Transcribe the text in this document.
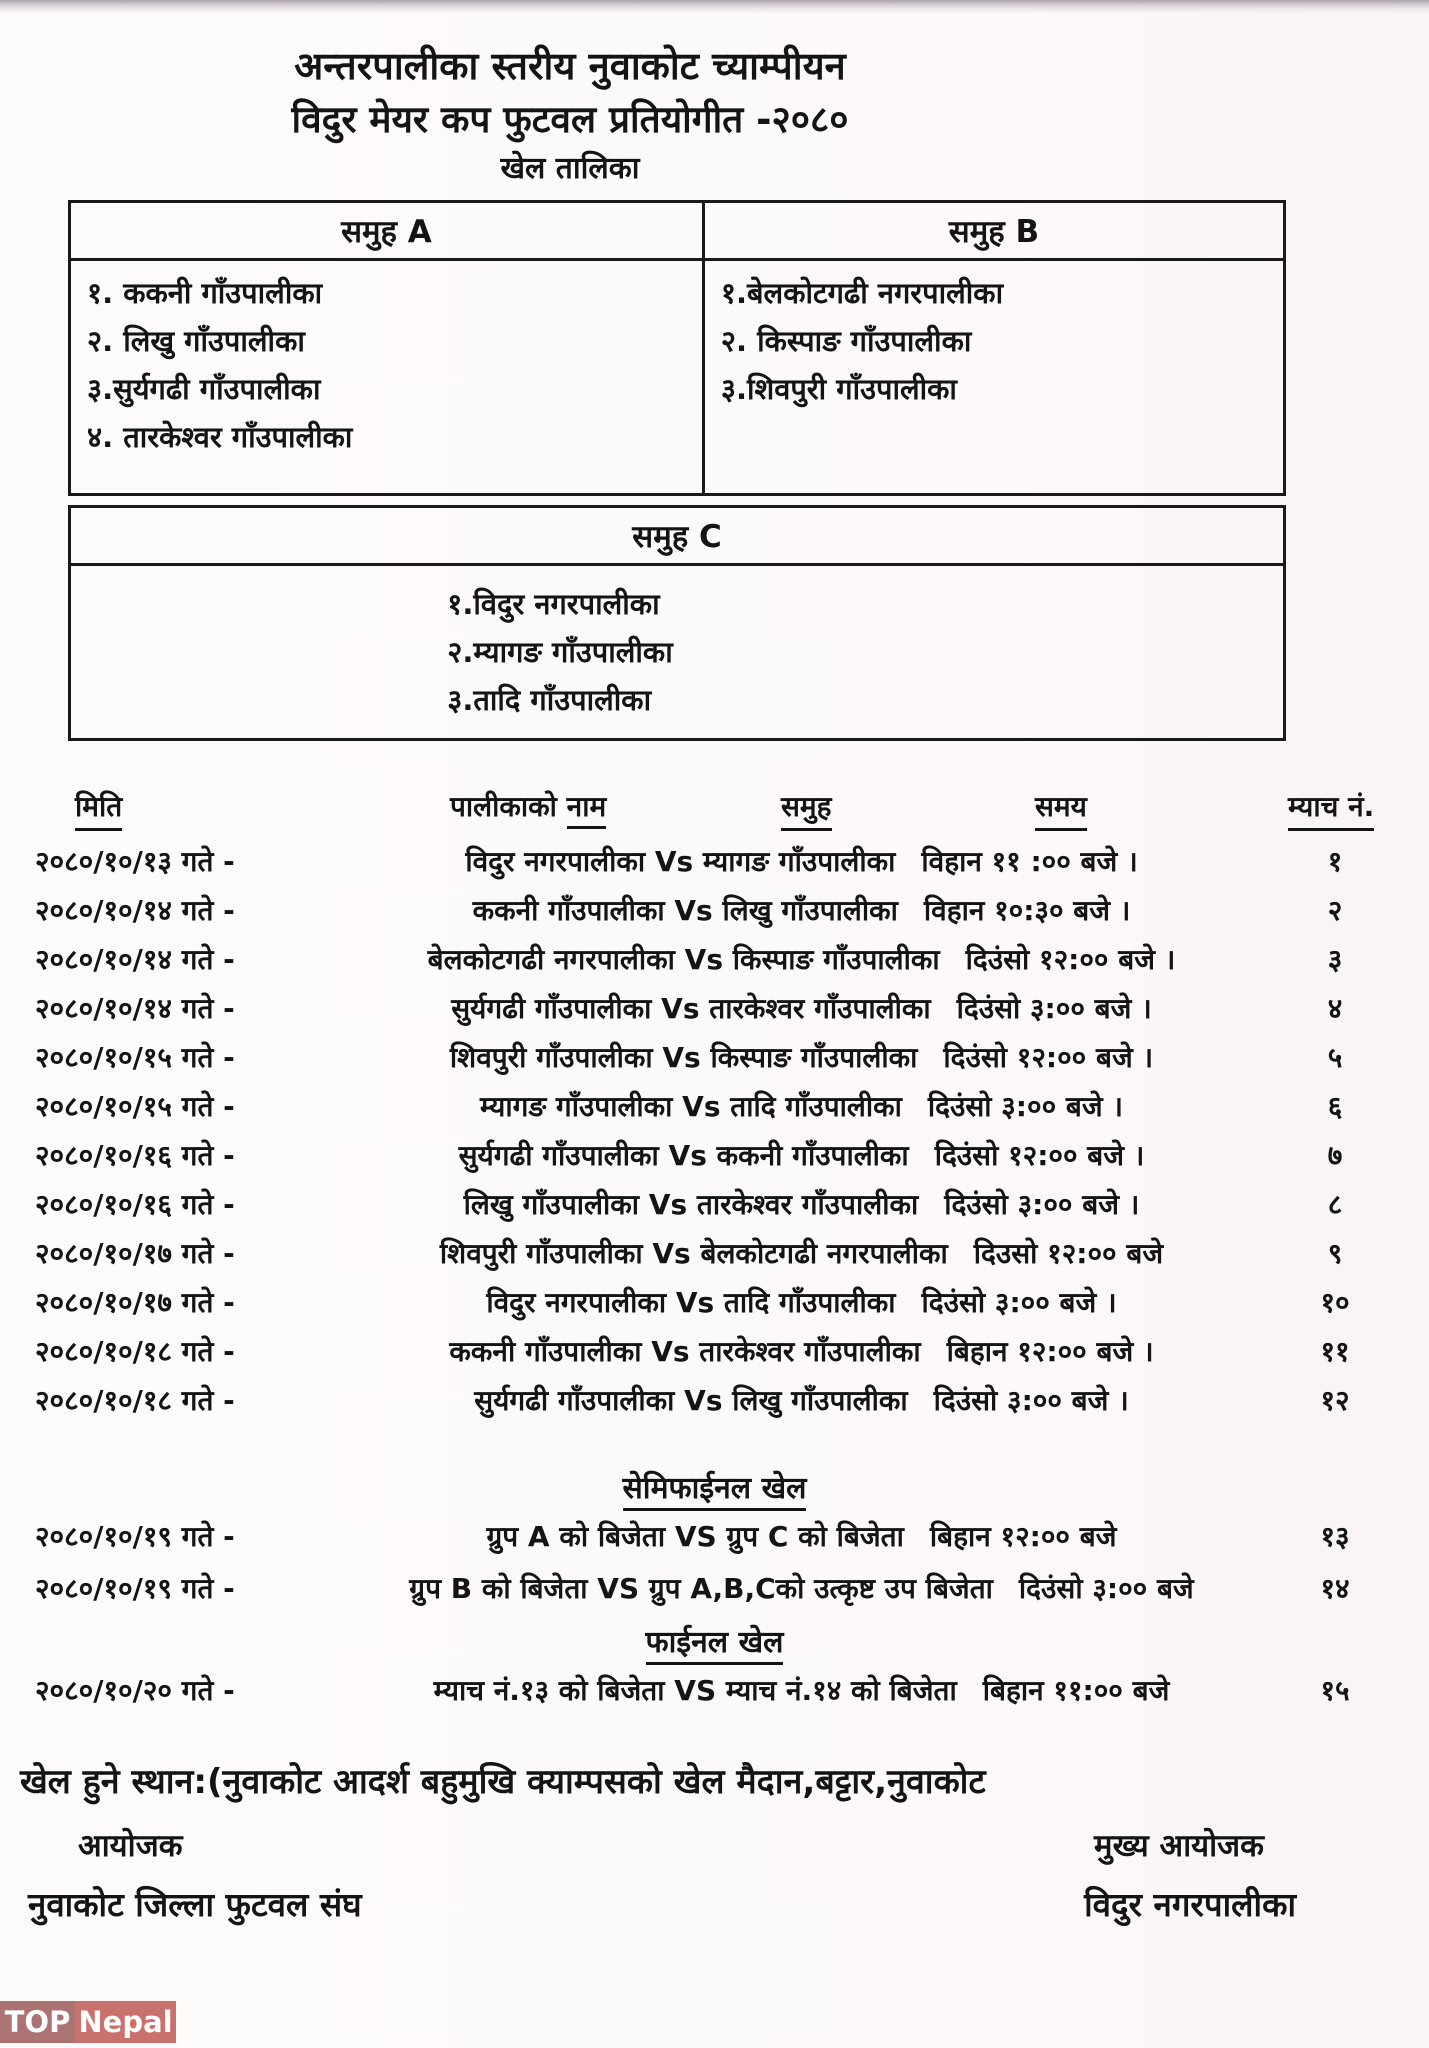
अन्तरपालीका स्तरीय नुवाकोट च्याम्पीयन
विदुर मेयर कप फुटवल प्रतियोगीत -२०८०
खेल तालिका
समुह A	समुह B
१. ककनी गाँउपालीका
२. लिखु गाँउपालीका
३.सुर्यगढी गाँउपालीका
४. तारकेश्वर गाँउपालीका
१.बेलकोटगढी नगरपालीका
२. किस्पाङ गाँउपालीका
३.शिवपुरी गाँउपालीका
समुह C
१.विदुर नगरपालीका
२.म्यागङ गाँउपालीका
३.तादि गाँउपालीका
मिति	पालीकाको नाम	समुह	समय	म्याच नं.
२०८०/१०/१३ गते -	विदुर नगरपालीका Vs म्यागङ गाँउपालीका विहान ११ :०० बजे ।	१
२०८०/१०/१४ गते -	ककनी गाँउपालीका Vs लिखु गाँउपालीका विहान १०:३० बजे ।	२
२०८०/१०/१४ गते -	बेलकोटगढी नगरपालीका Vs किस्पाङ गाँउपालीका दिउंसो १२:०० बजे ।	३
२०८०/१०/१४ गते -	सुर्यगढी गाँउपालीका Vs तारकेश्वर गाँउपालीका दिउंसो ३:०० बजे ।	४
२०८०/१०/१५ गते -	शिवपुरी गाँउपालीका Vs किस्पाङ गाँउपालीका दिउंसो १२:०० बजे ।	५
२०८०/१०/१५ गते -	म्यागङ गाँउपालीका Vs तादि गाँउपालीका दिउंसो ३:०० बजे ।	६
२०८०/१०/१६ गते -	सुर्यगढी गाँउपालीका Vs ककनी गाँउपालीका दिउंसो १२:०० बजे ।	७
२०८०/१०/१६ गते -	लिखु गाँउपालीका Vs तारकेश्वर गाँउपालीका दिउंसो ३:०० बजे ।	८
२०८०/१०/१७ गते -	शिवपुरी गाँउपालीका Vs बेलकोटगढी नगरपालीका दिउसो १२:०० बजे	९
२०८०/१०/१७ गते -	विदुर नगरपालीका Vs तादि गाँउपालीका दिउंसो ३:०० बजे ।	१०
२०८०/१०/१८ गते -	ककनी गाँउपालीका Vs तारकेश्वर गाँउपालीका बिहान १२:०० बजे ।	११
२०८०/१०/१८ गते -	सुर्यगढी गाँउपालीका Vs लिखु गाँउपालीका दिउंसो ३:०० बजे ।	१२
सेमिफाईनल खेल
२०८०/१०/१९ गते -	ग्रुप A को बिजेता VS ग्रुप C को बिजेता बिहान १२:०० बजे	१३
२०८०/१०/१९ गते -	ग्रुप B को बिजेता VS ग्रुप A,B,Cको उत्कृष्ट उप बिजेता दिउंसो ३:०० बजे	१४
फाईनल खेल
२०८०/१०/२० गते -	म्याच नं.१३ को बिजेता VS म्याच नं.१४ को बिजेता बिहान ११:०० बजे	१५
खेल हुने स्थान:(नुवाकोट आदर्श बहुमुखि क्याम्पसको खेल मैदान,बट्टार,नुवाकोट
आयोजक	मुख्य आयोजक
नुवाकोट जिल्ला फुटवल संघ	विदुर नगरपालीका
TOP Nepal
